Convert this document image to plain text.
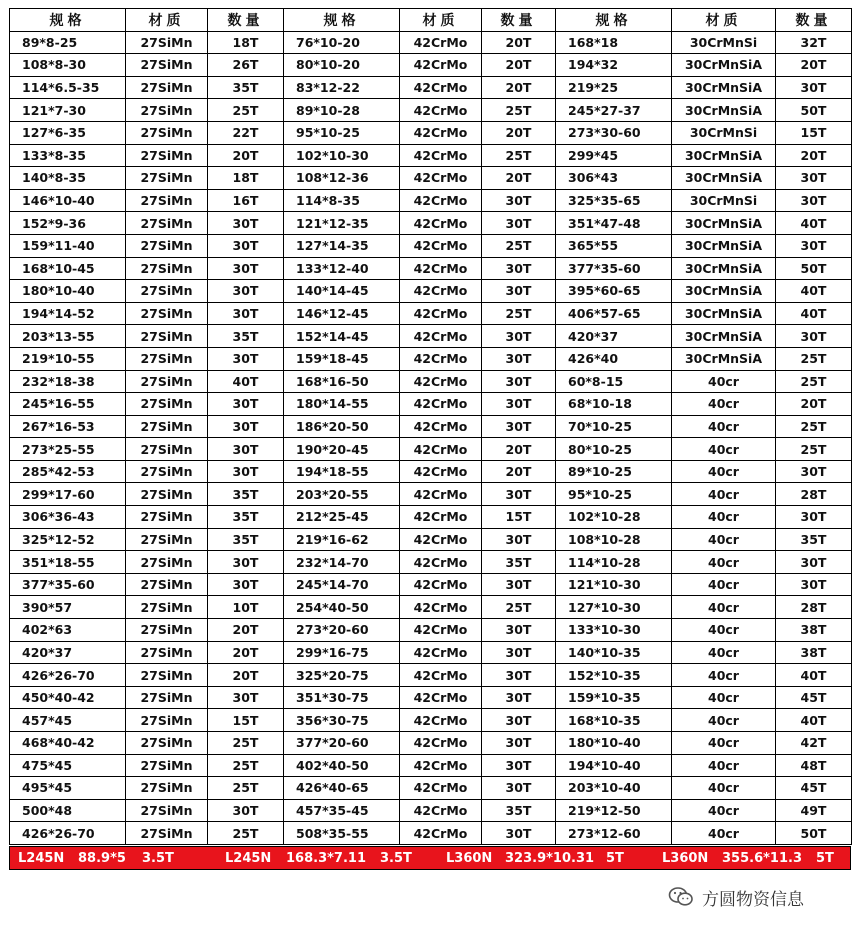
规格	材质	数量	规格	材质	数量	规格	材质	数量
89*8-25	27SiMn	18T	76*10-20	42CrMo	20T	168*18	30CrMnSi	32T
108*8-30	27SiMn	26T	80*10-20	42CrMo	20T	194*32	30CrMnSiA	20T
114*6.5-35	27SiMn	35T	83*12-22	42CrMo	20T	219*25	30CrMnSiA	30T
121*7-30	27SiMn	25T	89*10-28	42CrMo	25T	245*27-37	30CrMnSiA	50T
127*6-35	27SiMn	22T	95*10-25	42CrMo	20T	273*30-60	30CrMnSi	15T
133*8-35	27SiMn	20T	102*10-30	42CrMo	25T	299*45	30CrMnSiA	20T
140*8-35	27SiMn	18T	108*12-36	42CrMo	20T	306*43	30CrMnSiA	30T
146*10-40	27SiMn	16T	114*8-35	42CrMo	30T	325*35-65	30CrMnSi	30T
152*9-36	27SiMn	30T	121*12-35	42CrMo	30T	351*47-48	30CrMnSiA	40T
159*11-40	27SiMn	30T	127*14-35	42CrMo	25T	365*55	30CrMnSiA	30T
168*10-45	27SiMn	30T	133*12-40	42CrMo	30T	377*35-60	30CrMnSiA	50T
180*10-40	27SiMn	30T	140*14-45	42CrMo	30T	395*60-65	30CrMnSiA	40T
194*14-52	27SiMn	30T	146*12-45	42CrMo	25T	406*57-65	30CrMnSiA	40T
203*13-55	27SiMn	35T	152*14-45	42CrMo	30T	420*37	30CrMnSiA	30T
219*10-55	27SiMn	30T	159*18-45	42CrMo	30T	426*40	30CrMnSiA	25T
232*18-38	27SiMn	40T	168*16-50	42CrMo	30T	60*8-15	40cr	25T
245*16-55	27SiMn	30T	180*14-55	42CrMo	30T	68*10-18	40cr	20T
267*16-53	27SiMn	30T	186*20-50	42CrMo	30T	70*10-25	40cr	25T
273*25-55	27SiMn	30T	190*20-45	42CrMo	20T	80*10-25	40cr	25T
285*42-53	27SiMn	30T	194*18-55	42CrMo	20T	89*10-25	40cr	30T
299*17-60	27SiMn	35T	203*20-55	42CrMo	30T	95*10-25	40cr	28T
306*36-43	27SiMn	35T	212*25-45	42CrMo	15T	102*10-28	40cr	30T
325*12-52	27SiMn	35T	219*16-62	42CrMo	30T	108*10-28	40cr	35T
351*18-55	27SiMn	30T	232*14-70	42CrMo	35T	114*10-28	40cr	30T
377*35-60	27SiMn	30T	245*14-70	42CrMo	30T	121*10-30	40cr	30T
390*57	27SiMn	10T	254*40-50	42CrMo	25T	127*10-30	40cr	28T
402*63	27SiMn	20T	273*20-60	42CrMo	30T	133*10-30	40cr	38T
420*37	27SiMn	20T	299*16-75	42CrMo	30T	140*10-35	40cr	38T
426*26-70	27SiMn	20T	325*20-75	42CrMo	30T	152*10-35	40cr	40T
450*40-42	27SiMn	30T	351*30-75	42CrMo	30T	159*10-35	40cr	45T
457*45	27SiMn	15T	356*30-75	42CrMo	30T	168*10-35	40cr	40T
468*40-42	27SiMn	25T	377*20-60	42CrMo	30T	180*10-40	40cr	42T
475*45	27SiMn	25T	402*40-50	42CrMo	30T	194*10-40	40cr	48T
495*45	27SiMn	25T	426*40-65	42CrMo	30T	203*10-40	40cr	45T
500*48	27SiMn	30T	457*35-45	42CrMo	35T	219*12-50	40cr	49T
426*26-70	27SiMn	25T	508*35-55	42CrMo	30T	273*12-60	40cr	50T
L245N 88.9*5 3.5T	L245N 168.3*7.11 3.5T	L360N 323.9*10.31 5T	L360N 355.6*11.3 5T
方圆物资信息
